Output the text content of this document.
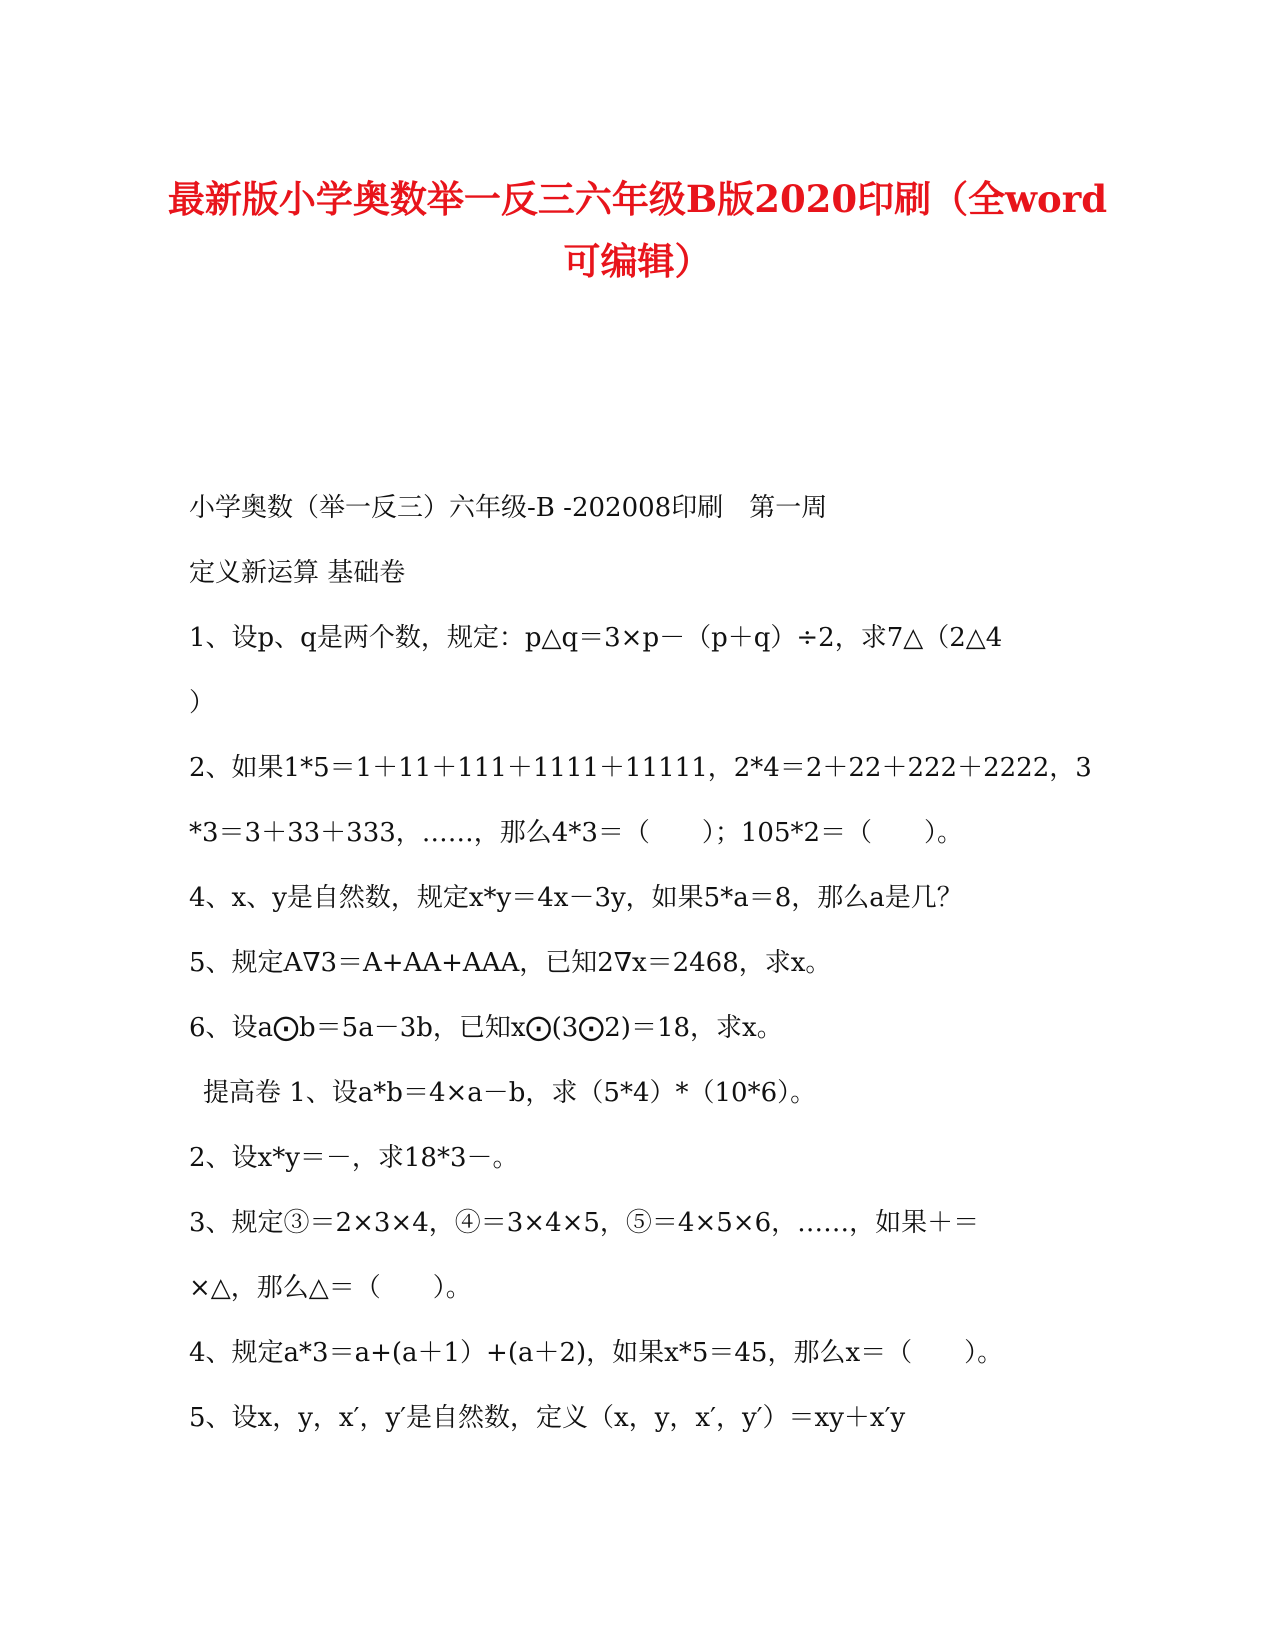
最新版小学奥数举一反三六年级B版2020印刷（全word
可编辑）
小学奥数（举一反三）六年级-B -202008印刷　第一周
定义新运算 基础卷
1、设p、q是两个数，规定：p△q＝3×p－（p＋q）÷2，求7△（2△4
）
2、如果1*5＝1＋11＋111＋1111＋11111，2*4＝2＋22＋222＋2222，3
*3＝3＋33＋333，……，那么4*3＝（　　）；105*2＝（　　）。
4、x、y是自然数，规定x*y＝4x－3y，如果5*a＝8，那么a是几？
5、规定A∇3＝A+AA+AAA，已知2∇x＝2468，求x。
6、设a⨀b＝5a－3b，已知x⨀(3⨀2)＝18，求x。
提高卷 1、设a*b＝4×a－b，求（5*4）*（10*6）。
2、设x*y＝－，求18*3－。
3、规定③＝2×3×4，④＝3×4×5，⑤＝4×5×6，……，如果＋＝
×△，那么△＝（　　）。
4、规定a*3＝a+(a＋1）+(a＋2)，如果x*5＝45，那么x＝（　　）。
5、设x，y，x′，y′是自然数，定义（x，y，x′，y′）＝xy＋x′y
